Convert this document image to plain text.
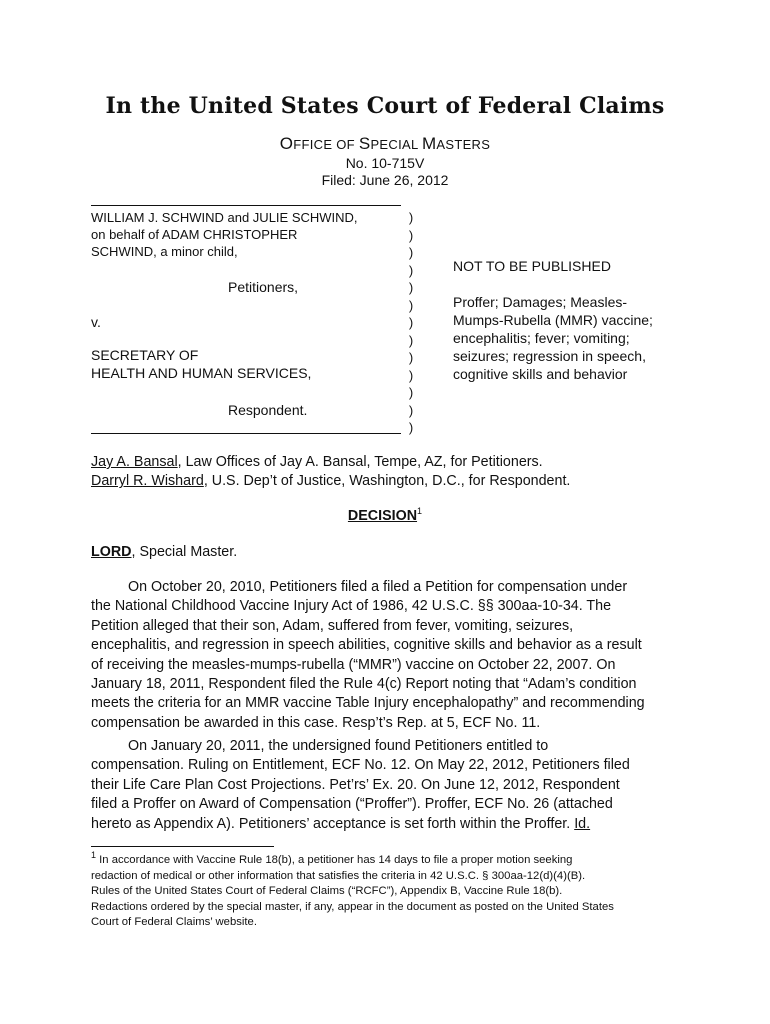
In the United States Court of Federal Claims
OFFICE OF SPECIAL MASTERS
No. 10-715V
Filed: June 26, 2012
WILLIAM J. SCHWIND and JULIE SCHWIND,
on behalf of ADAM CHRISTOPHER
SCHWIND, a minor child,
Petitioners,
v.
SECRETARY OF
HEALTH AND HUMAN SERVICES,
Respondent.
)
)
)
)
)
)
)
)
)
)
)
)
)
NOT TO BE PUBLISHED
Proffer; Damages; Measles-
Mumps-Rubella (MMR) vaccine;
encephalitis; fever; vomiting;
seizures; regression in speech,
cognitive skills and behavior
Jay A. Bansal, Law Offices of Jay A. Bansal, Tempe, AZ, for Petitioners.
Darryl R. Wishard, U.S. Dep’t of Justice, Washington, D.C., for Respondent.
DECISION$^1$
LORD, Special Master.
On October 20, 2010, Petitioners filed a filed a Petition for compensation under
the National Childhood Vaccine Injury Act of 1986, 42 U.S.C. §§ 300aa-10-34. The
Petition alleged that their son, Adam, suffered from fever, vomiting, seizures,
encephalitis, and regression in speech abilities, cognitive skills and behavior as a result
of receiving the measles-mumps-rubella (“MMR”) vaccine on October 22, 2007. On
January 18, 2011, Respondent filed the Rule 4(c) Report noting that “Adam’s condition
meets the criteria for an MMR vaccine Table Injury encephalopathy” and recommending
compensation be awarded in this case. Resp’t’s Rep. at 5, ECF No. 11.
On January 20, 2011, the undersigned found Petitioners entitled to
compensation. Ruling on Entitlement, ECF No. 12. On May 22, 2012, Petitioners filed
their Life Care Plan Cost Projections. Pet’rs’ Ex. 20. On June 12, 2012, Respondent
filed a Proffer on Award of Compensation (“Proffer”). Proffer, ECF No. 26 (attached
hereto as Appendix A). Petitioners’ acceptance is set forth within the Proffer. Id.
$^1$ In accordance with Vaccine Rule 18(b), a petitioner has 14 days to file a proper motion seeking
redaction of medical or other information that satisfies the criteria in 42 U.S.C. § 300aa-12(d)(4)(B).
Rules of the United States Court of Federal Claims (“RCFC”), Appendix B, Vaccine Rule 18(b).
Redactions ordered by the special master, if any, appear in the document as posted on the United States
Court of Federal Claims’ website.
